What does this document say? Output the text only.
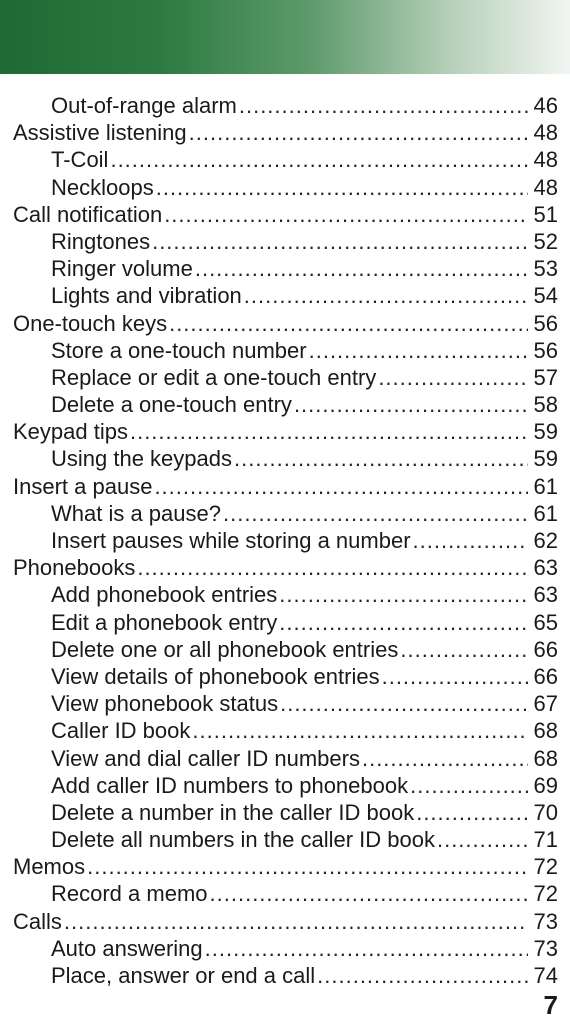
Out-of-range alarm .....	46
Assistive listening .....	48
T-Coil .....	48
Neckloops .....	48
Call notification .....	51
Ringtones .....	52
Ringer volume .....	53
Lights and vibration .....	54
One-touch keys .....	56
Store a one-touch number .....	56
Replace or edit a one-touch entry .....	57
Delete a one-touch entry .....	58
Keypad tips .....	59
Using the keypads .....	59
Insert a pause .....	61
What is a pause? .....	61
Insert pauses while storing a number .....	62
Phonebooks .....	63
Add phonebook entries .....	63
Edit a phonebook entry .....	65
Delete one or all phonebook entries .....	66
View details of phonebook entries .....	66
View phonebook status .....	67
Caller ID book .....	68
View and dial caller ID numbers .....	68
Add caller ID numbers to phonebook .....	69
Delete a number in the caller ID book .....	70
Delete all numbers in the caller ID book .....	71
Memos .....	72
Record a memo .....	72
Calls .....	73
Auto answering .....	73
Place, answer or end a call .....	74
7
